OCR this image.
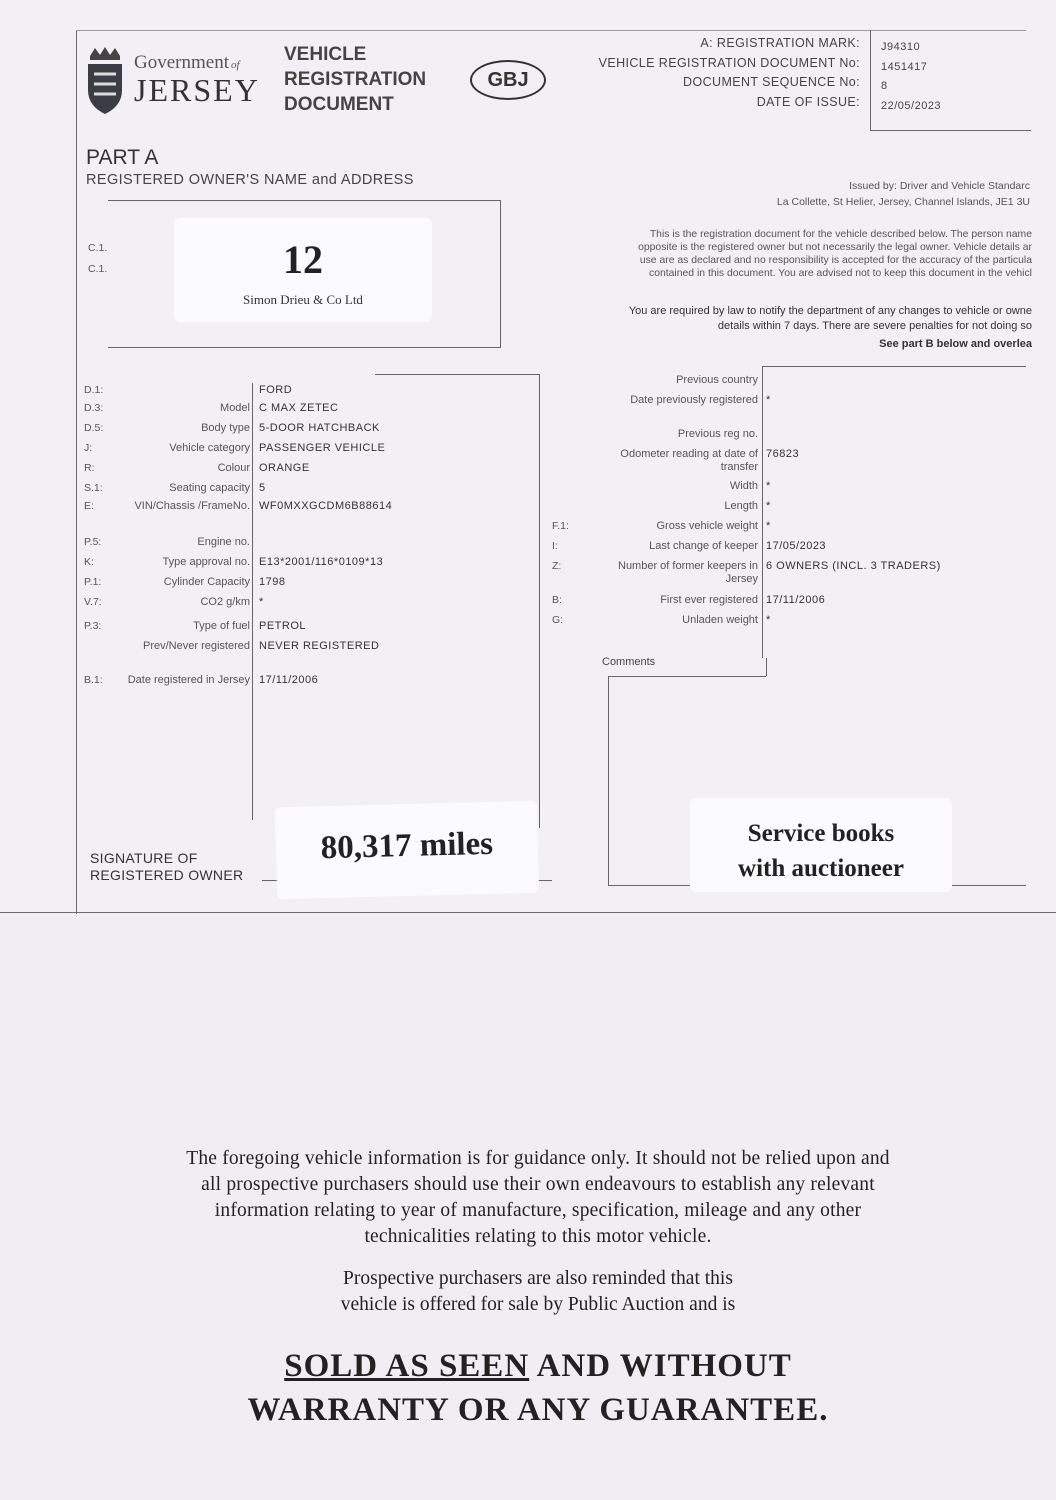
Government of
JERSEY
VEHICLE
REGISTRATION
DOCUMENT
GBJ
A: REGISTRATION MARK:
VEHICLE REGISTRATION DOCUMENT No:
DOCUMENT SEQUENCE No:
DATE OF ISSUE:
J94310
1451417
8
22/05/2023
PART A
REGISTERED OWNER'S NAME and ADDRESS
C.1.
C.1.	12
Simon Drieu & Co Ltd
Issued by: Driver and Vehicle Standarc
La Collette, St Helier, Jersey, Channel Islands, JE1 3U
This is the registration document for the vehicle described below. The person name
opposite is the registered owner but not necessarily the legal owner. Vehicle details ar
use are as declared and no responsibility is accepted for the accuracy of the particula
contained in this document. You are advised not to keep this document in the vehicl
You are required by law to notify the department of any changes to vehicle or owne
details within 7 days. There are severe penalties for not doing so
See part B below and overlea
D.1:
D.3:
D.5:
J:
R:
S.1:
E:
P.5:
K:
P.1:
V.7:
P.3:
B.1:
Model
Body type
Vehicle category
Colour
Seating capacity
VIN/Chassis /FrameNo.
Engine no.
Type approval no.
Cylinder Capacity
CO2 g/km
Type of fuel
Prev/Never registered
Date registered in Jersey
FORD
C MAX ZETEC
5-DOOR HATCHBACK
PASSENGER VEHICLE
ORANGE
5
WF0MXXGCDM6B88614
E13*2001/116*0109*13
1798
*
PETROL
NEVER REGISTERED
17/11/2006
F.1:
I:
Z:
B:
G:
Previous country
Date previously registered
Previous reg no.
Odometer reading at date of transfer
Width
Length
Gross vehicle weight
Last change of keeper
Number of former keepers in Jersey
First ever registered
Unladen weight
*
76823
*
*
*
17/05/2023
6 OWNERS (INCL. 3 TRADERS)
17/11/2006
*
Comments
SIGNATURE OF
REGISTERED OWNER
80,317 miles	Service books
with auctioneer
The foregoing vehicle information is for guidance only. It should not be relied upon and
all prospective purchasers should use their own endeavours to establish any relevant
information relating to year of manufacture, specification, mileage and any other
technicalities relating to this motor vehicle.
Prospective purchasers are also reminded that this
vehicle is offered for sale by Public Auction and is
SOLD AS SEEN AND WITHOUT
WARRANTY OR ANY GUARANTEE.
